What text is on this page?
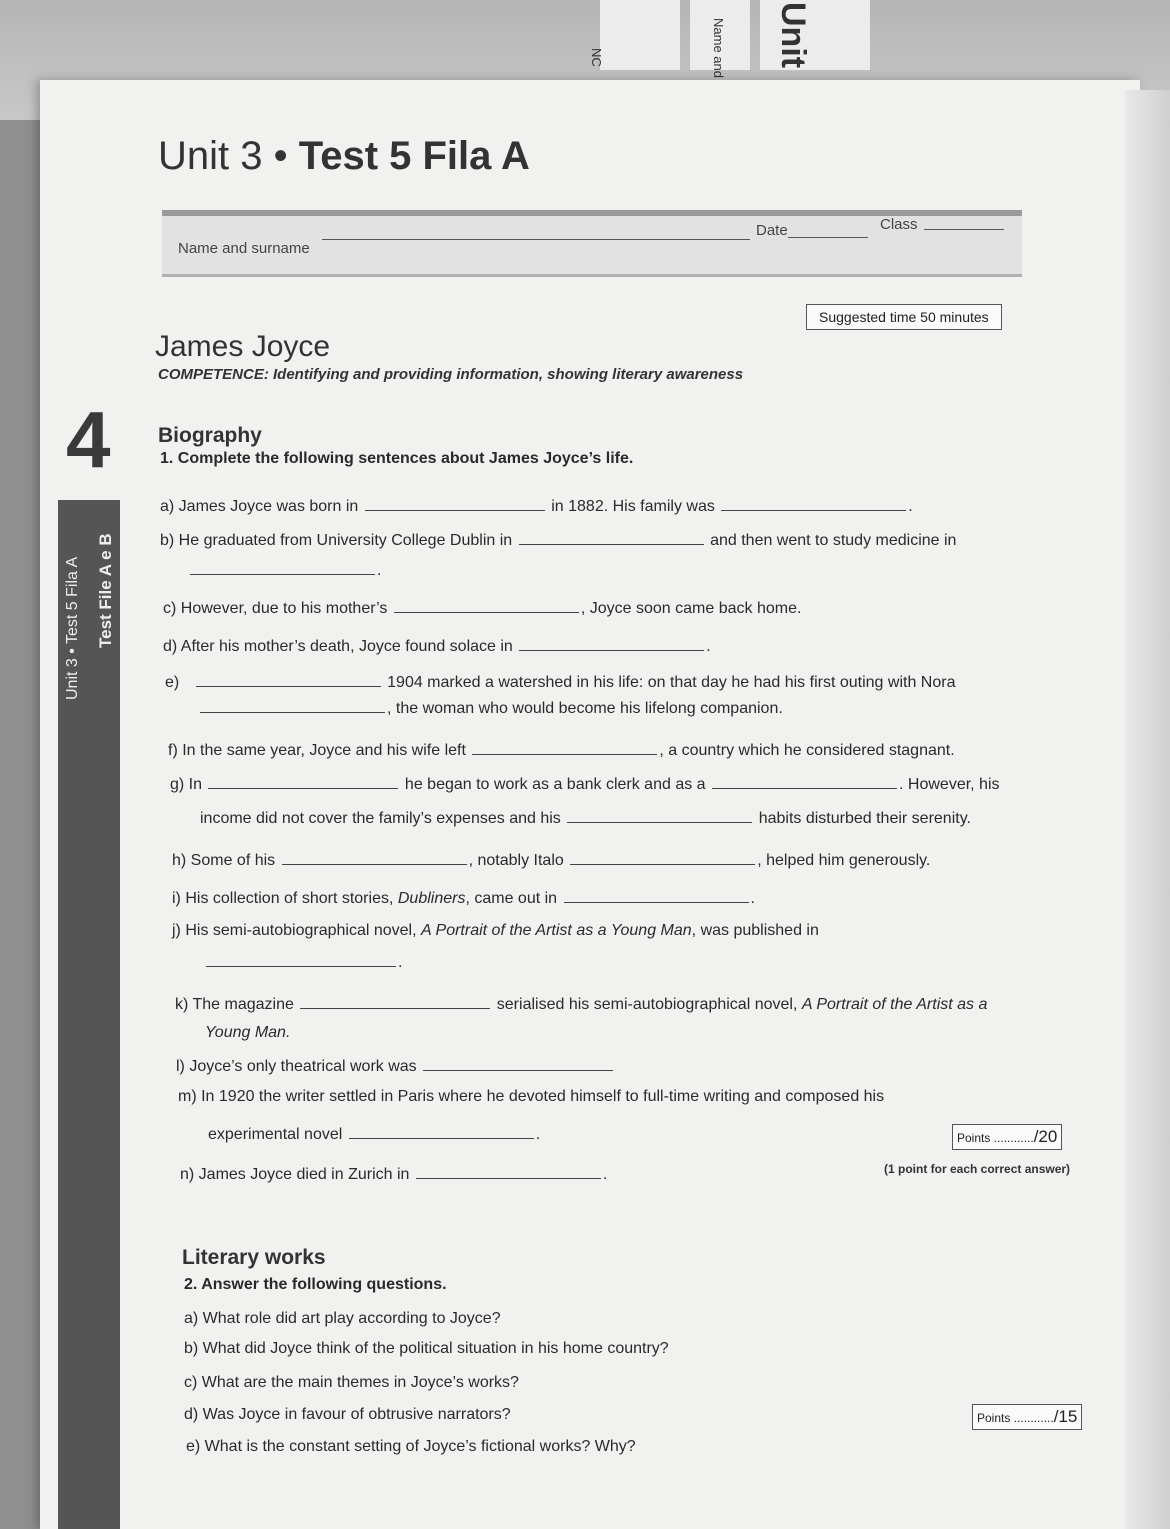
NC	Name and Unit
4
Unit 3 • Test 5 Fila A Test File A e B
Unit 3 • Test 5 Fila A
Name and surname
Date	Class
Suggested time 50 minutes
James Joyce
COMPETENCE: Identifying and providing information, showing literary awareness
Biography
1. Complete the following sentences about James Joyce’s life.
a) James Joyce was born in	in 1882. His family was	.
b) He graduated from University College Dublin in	and then went to study medicine in
.
c) However, due to his mother’s	, Joyce soon came back home.
d) After his mother’s death, Joyce found solace in	.
e)	1904 marked a watershed in his life: on that day he had his first outing with Nora
, the woman who would become his lifelong companion.
f) In the same year, Joyce and his wife left	, a country which he considered stagnant.
g) In	he began to work as a bank clerk and as a	. However, his
income did not cover the family’s expenses and his	habits disturbed their serenity.
h) Some of his	, notably Italo	, helped him generously.
i) His collection of short stories, Dubliners, came out in	.
j) His semi-autobiographical novel, A Portrait of the Artist as a Young Man, was published in
.
k) The magazine	serialised his semi-autobiographical novel, A Portrait of the Artist as a
Young Man.
l) Joyce’s only theatrical work was
m) In 1920 the writer settled in Paris where he devoted himself to full-time writing and composed his
experimental novel	.
n) James Joyce died in Zurich in	.
Points ............/20
(1 point for each correct answer)
Literary works
2. Answer the following questions.
a) What role did art play according to Joyce?
b) What did Joyce think of the political situation in his home country?
c) What are the main themes in Joyce’s works?
d) Was Joyce in favour of obtrusive narrators?
e) What is the constant setting of Joyce’s fictional works? Why?
Points ............/15
